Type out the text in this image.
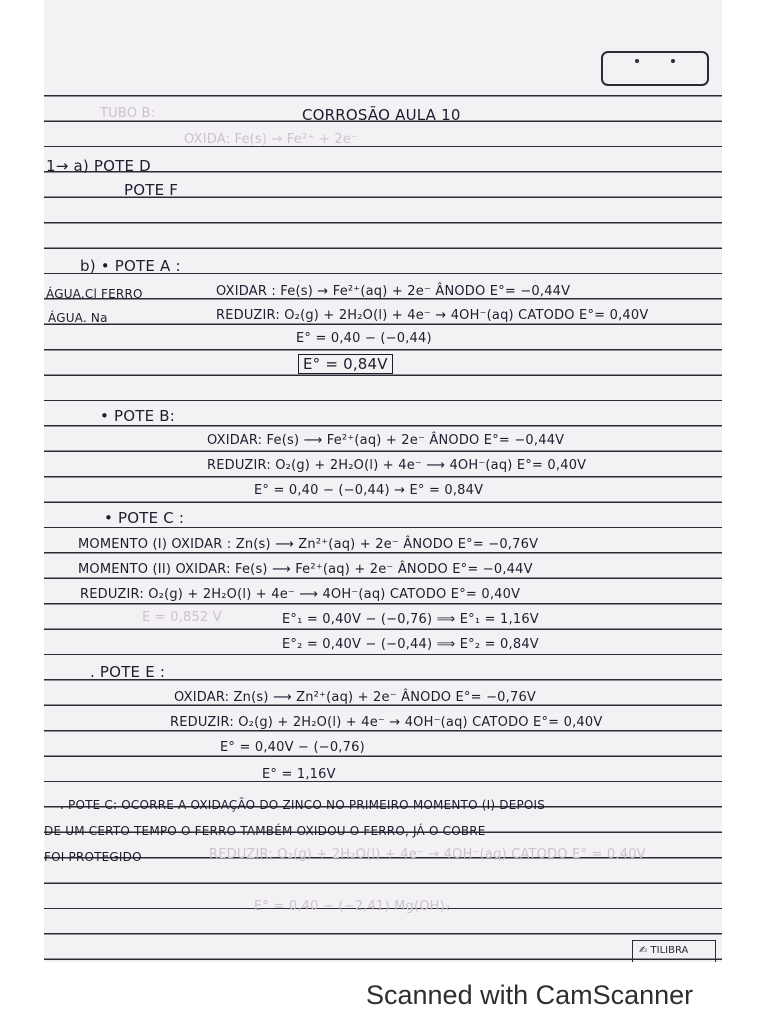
TUBO B:
OXIDA: Fe(s) → Fe²⁺ + 2e⁻
E = 0,852 V
REDUZIR: O₂(g) + 2H₂O(l) + 4e⁻ → 4OH⁻(aq) CATODO E° = 0,40V
E° = 0,40 − (−2,41) Mg(OH)₂
CORROSÃO AULA 10
1→ a) POTE D
POTE F
b) • POTE A :
ÁGUA.Cl FERRO
ÁGUA. Na
OXIDAR : Fe(s) → Fe²⁺(aq) + 2e⁻ ÂNODO E°= −0,44V
REDUZIR: O₂(g) + 2H₂O(l) + 4e⁻ → 4OH⁻(aq) CATODO E°= 0,40V
E° = 0,40 − (−0,44)
E° = 0,84V
• POTE B:
OXIDAR: Fe(s) ⟶ Fe²⁺(aq) + 2e⁻ ÂNODO E°= −0,44V
REDUZIR: O₂(g) + 2H₂O(l) + 4e⁻ ⟶ 4OH⁻(aq) E°= 0,40V
E° = 0,40 − (−0,44) → E° = 0,84V
• POTE C :
MOMENTO (I) OXIDAR : Zn(s) ⟶ Zn²⁺(aq) + 2e⁻ ÂNODO E°= −0,76V
MOMENTO (II) OXIDAR: Fe(s) ⟶ Fe²⁺(aq) + 2e⁻ ÂNODO E°= −0,44V
REDUZIR: O₂(g) + 2H₂O(l) + 4e⁻ ⟶ 4OH⁻(aq) CATODO E°= 0,40V
E°₁ = 0,40V − (−0,76) ⟹ E°₁ = 1,16V
E°₂ = 0,40V − (−0,44) ⟹ E°₂ = 0,84V
. POTE E :
OXIDAR: Zn(s) ⟶ Zn²⁺(aq) + 2e⁻ ÂNODO E°= −0,76V
REDUZIR: O₂(g) + 2H₂O(l) + 4e⁻ → 4OH⁻(aq) CATODO E°= 0,40V
E° = 0,40V − (−0,76)
E° = 1,16V
. POTE C: OCORRE A OXIDAÇÃO DO ZINCO NO PRIMEIRO MOMENTO (I) DEPOIS
DE UM CERTO TEMPO O FERRO TAMBÉM OXIDOU O FERRO, JÁ O COBRE
FOI PROTEGIDO
✍ TILIBRA
Scanned with CamScanner
